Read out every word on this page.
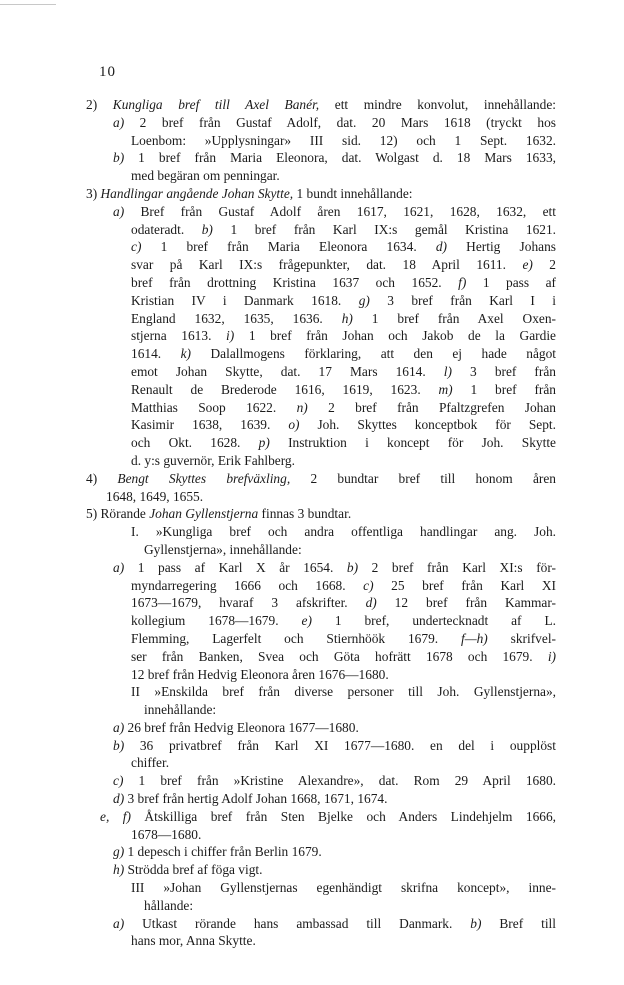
10
2) Kungliga bref till Axel Banér, ett mindre konvolut, innehållande:
a) 2 bref från Gustaf Adolf, dat. 20 Mars 1618 (tryckt hos
Loenbom: »Upplysningar» III sid. 12) och 1 Sept. 1632.
b) 1 bref från Maria Eleonora, dat. Wolgast d. 18 Mars 1633,
med begäran om penningar.
3) Handlingar angående Johan Skytte, 1 bundt innehållande:
a) Bref från Gustaf Adolf åren 1617, 1621, 1628, 1632, ett
odateradt. b) 1 bref från Karl IX:s gemål Kristina 1621.
c) 1 bref från Maria Eleonora 1634. d) Hertig Johans
svar på Karl IX:s frågepunkter, dat. 18 April 1611. e) 2
bref från drottning Kristina 1637 och 1652. f) 1 pass af
Kristian IV i Danmark 1618. g) 3 bref från Karl I i
England 1632, 1635, 1636. h) 1 bref från Axel Oxen-
stjerna 1613. i) 1 bref från Johan och Jakob de la Gardie
1614. k) Dalallmogens förklaring, att den ej hade något
emot Johan Skytte, dat. 17 Mars 1614. l) 3 bref från
Renault de Brederode 1616, 1619, 1623. m) 1 bref från
Matthias Soop 1622. n) 2 bref från Pfaltzgrefen Johan
Kasimir 1638, 1639. o) Joh. Skyttes konceptbok för Sept.
och Okt. 1628. p) Instruktion i koncept för Joh. Skytte
d. y:s guvernör, Erik Fahlberg.
4) Bengt Skyttes brefväxling, 2 bundtar bref till honom åren
1648, 1649, 1655.
5) Rörande Johan Gyllenstjerna finnas 3 bundtar.
I. »Kungliga bref och andra offentliga handlingar ang. Joh.
Gyllenstjerna», innehållande:
a) 1 pass af Karl X år 1654. b) 2 bref från Karl XI:s för-
myndarregering 1666 och 1668. c) 25 bref från Karl XI
1673—1679, hvaraf 3 afskrifter. d) 12 bref från Kammar-
kollegium 1678—1679. e) 1 bref, undertecknadt af L.
Flemming, Lagerfelt och Stiernhöök 1679. f—h) skrifvel-
ser från Banken, Svea och Göta hofrätt 1678 och 1679. i)
12 bref från Hedvig Eleonora åren 1676—1680.
II »Enskilda bref från diverse personer till Joh. Gyllenstjerna»,
innehållande:
a) 26 bref från Hedvig Eleonora 1677—1680.
b) 36 privatbref från Karl XI 1677—1680. en del i oupplöst
chiffer.
c) 1 bref från »Kristine Alexandre», dat. Rom 29 April 1680.
d) 3 bref från hertig Adolf Johan 1668, 1671, 1674.
e, f) Åtskilliga bref från Sten Bjelke och Anders Lindehjelm 1666,
1678—1680.
g) 1 depesch i chiffer från Berlin 1679.
h) Strödda bref af föga vigt.
III »Johan Gyllenstjernas egenhändigt skrifna koncept», inne-
hållande:
a) Utkast rörande hans ambassad till Danmark. b) Bref till
hans mor, Anna Skytte.
